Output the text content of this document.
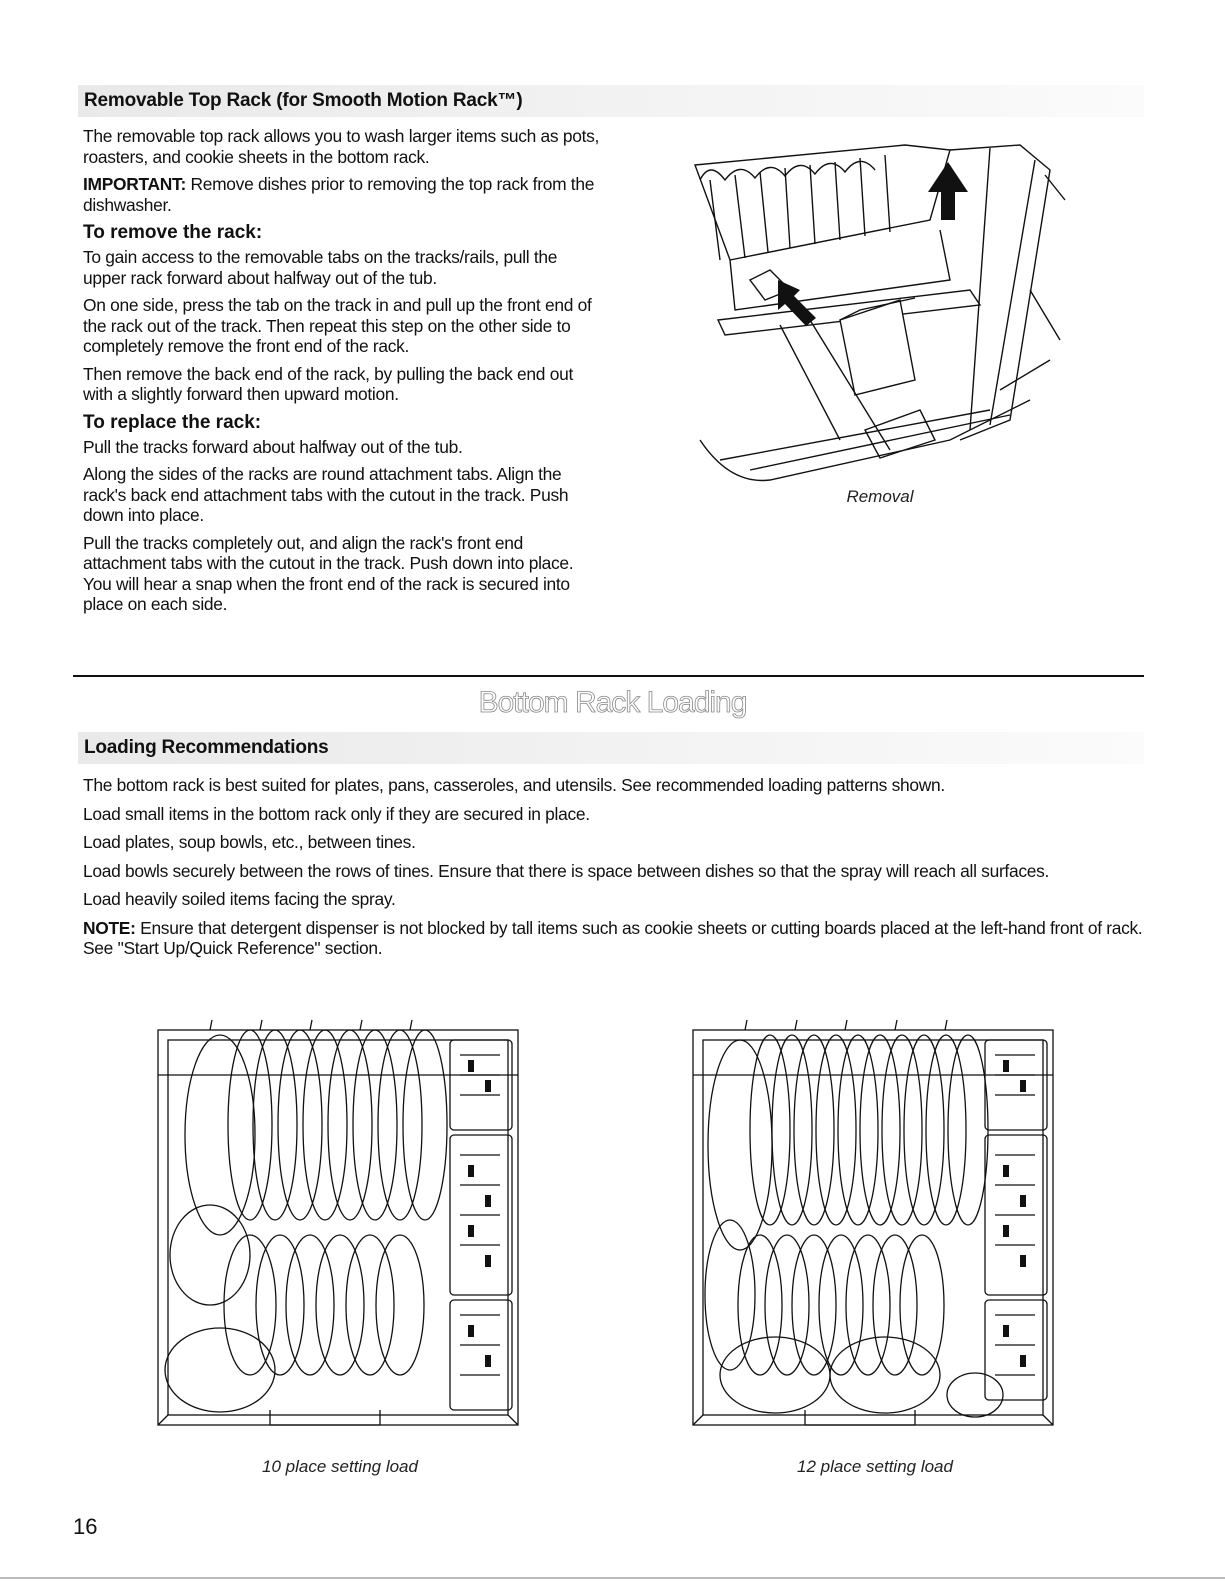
Removable Top Rack (for Smooth Motion Rack™)

The removable top rack allows you to wash larger items such as pots, roasters, and cookie sheets in the bottom rack.

IMPORTANT: Remove dishes prior to removing the top rack from the dishwasher.

To remove the rack:

To gain access to the removable tabs on the tracks/rails, pull the upper rack forward about halfway out of the tub.

On one side, press the tab on the track in and pull up the front end of the rack out of the track. Then repeat this step on the other side to completely remove the front end of the rack.

Then remove the back end of the rack, by pulling the back end out with a slightly forward then upward motion.

To replace the rack:

Pull the tracks forward about halfway out of the tub.

Along the sides of the racks are round attachment tabs. Align the rack's back end attachment tabs with the cutout in the track. Push down into place.

Pull the tracks completely out, and align the rack's front end attachment tabs with the cutout in the track. Push down into place. You will hear a snap when the front end of the rack is secured into place on each side.

Removal
Bottom Rack Loading
Loading Recommendations

The bottom rack is best suited for plates, pans, casseroles, and utensils. See recommended loading patterns shown.

Load small items in the bottom rack only if they are secured in place.

Load plates, soup bowls, etc., between tines.

Load bowls securely between the rows of tines. Ensure that there is space between dishes so that the spray will reach all surfaces.

Load heavily soiled items facing the spray.

NOTE: Ensure that detergent dispenser is not blocked by tall items such as cookie sheets or cutting boards placed at the left-hand front of rack. See "Start Up/Quick Reference" section.

10 place setting load	12 place setting load
16
